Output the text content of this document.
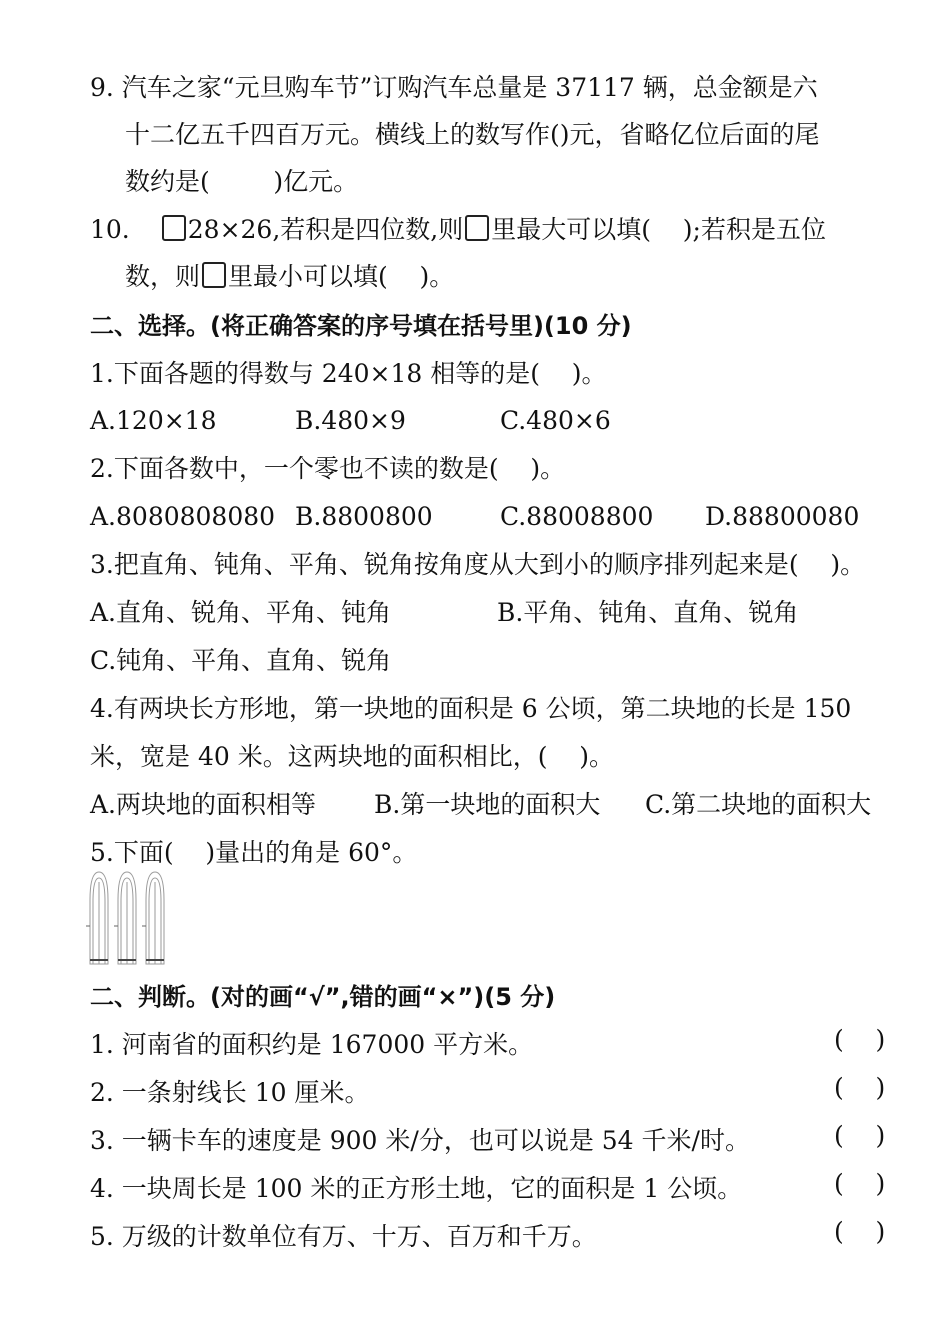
9. 汽车之家“元旦购车节”订购汽车总量是 37117 辆，总金额是六
十二亿五千四百万元。横线上的数写作()元，省略亿位后面的尾
数约是(        )亿元。
10. 28×26,若积是四位数,则 里最大可以填(    );若积是五位
数，则 里最小可以填(    )。
二、选择。(将正确答案的序号填在括号里)(10 分)
1.下面各题的得数与 240×18 相等的是(    )。
A.120×18	B.480×9	C.480×6
2.下面各数中，一个零也不读的数是(    )。
A.8080808080 B.8800800	C.88008800 D.88800080
3.把直角、钝角、平角、锐角按角度从大到小的顺序排列起来是(    )。
A.直角、锐角、平角、钝角	B.平角、钝角、直角、锐角
C.钝角、平角、直角、锐角
4.有两块长方形地，第一块地的面积是 6 公顷，第二块地的长是 150
米，宽是 40 米。这两块地的面积相比，(    )。
A.两块地的面积相等 B.第一块地的面积大 C.第二块地的面积大
5.下面(    )量出的角是 60°。
二、判断。(对的画“√”,错的画“×”)(5 分)
1. 河南省的面积约是 167000 平方米。	(    )
2. 一条射线长 10 厘米。	(    )
3. 一辆卡车的速度是 900 米/分，也可以说是 54 千米/时。	(    )
4. 一块周长是 100 米的正方形土地，它的面积是 1 公顷。	(    )
5. 万级的计数单位有万、十万、百万和千万。	(    )
